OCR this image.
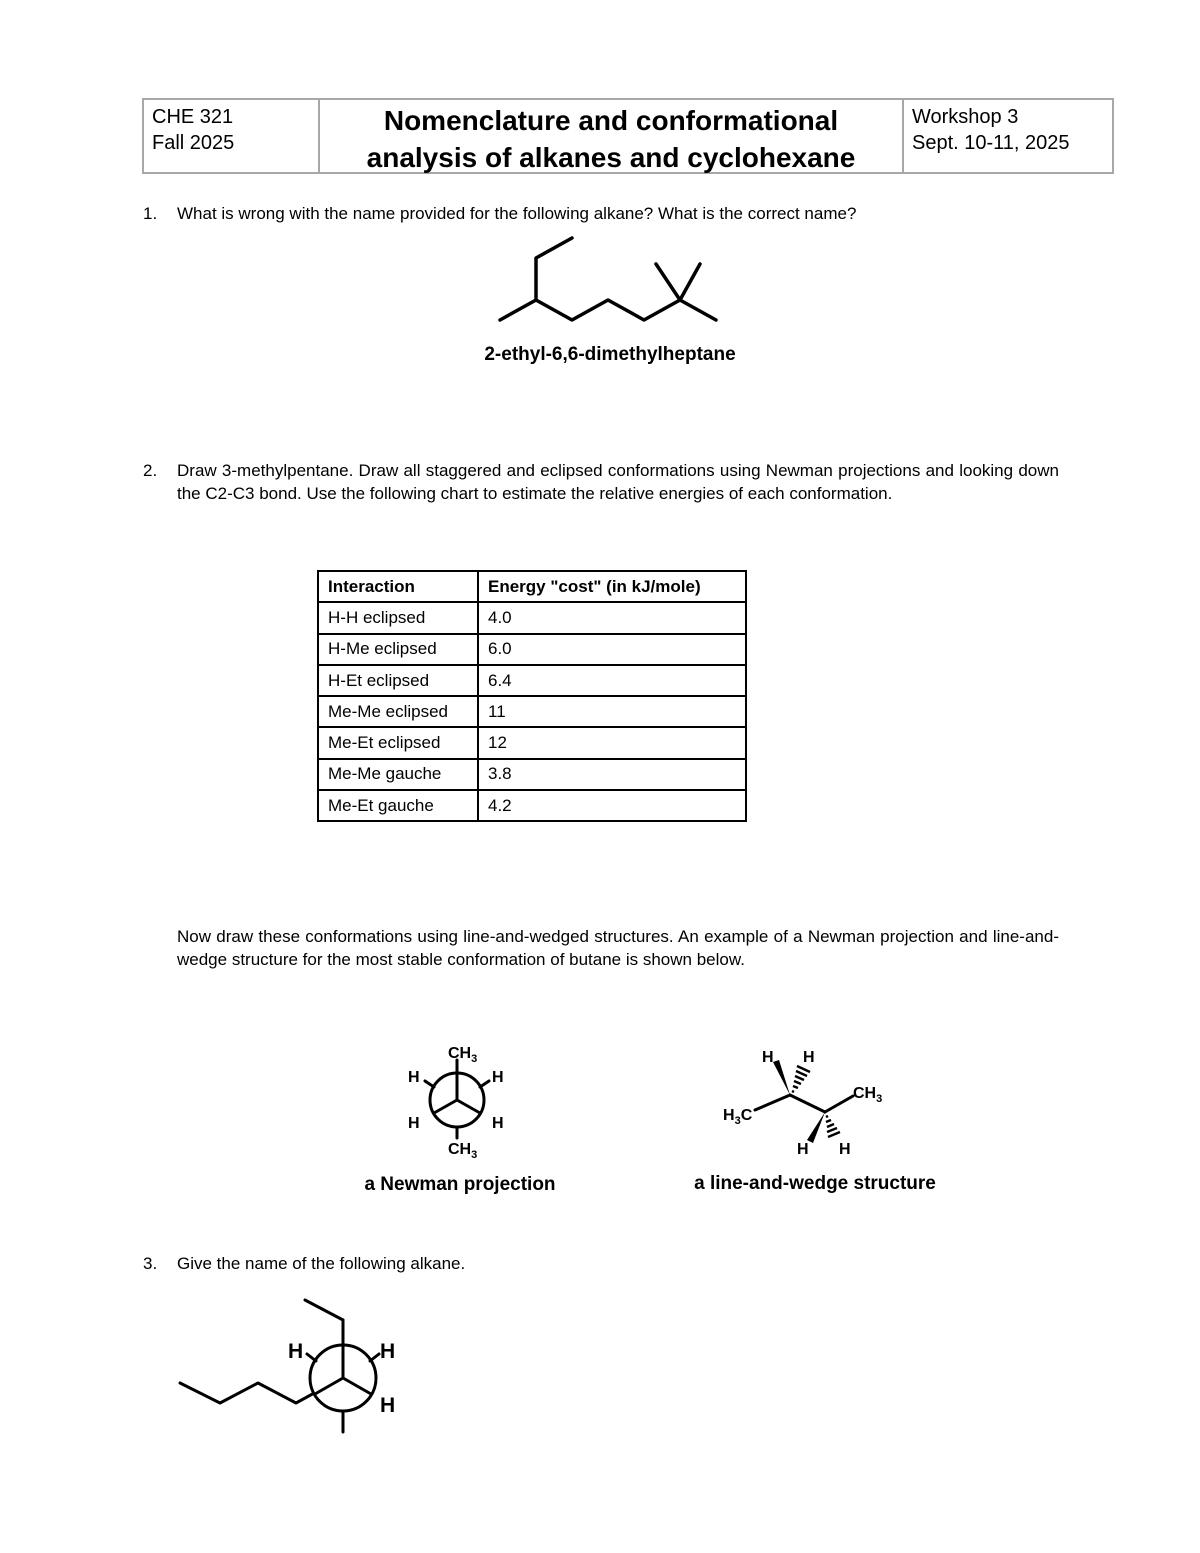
CHE 321
Fall 2025
Nomenclature and conformational
analysis of alkanes and cyclohexane
Workshop 3
Sept. 10-11, 2025
1. What is wrong with the name provided for the following alkane? What is the correct name?
2-ethyl-6,6-dimethylheptane
2. Draw 3-methylpentane. Draw all staggered and eclipsed conformations using Newman projections and looking down the C2-C3 bond. Use the following chart to estimate the relative energies of each conformation.
Interaction	Energy "cost" (in kJ/mole)
H-H eclipsed	4.0
H-Me eclipsed	6.0
H-Et eclipsed	6.4
Me-Me eclipsed	11
Me-Et eclipsed	12
Me-Me gauche	3.8
Me-Et gauche	4.2
Now draw these conformations using line-and-wedged structures. An example of a Newman projection and line-and-wedge structure for the most stable conformation of butane is shown below.
$CH_3$
H	H
H	H
$CH_3$
a Newman projection
H H
$H_3C$
$CH_3$
H H
a line-and-wedge structure
3. Give the name of the following alkane.
H	H
H
